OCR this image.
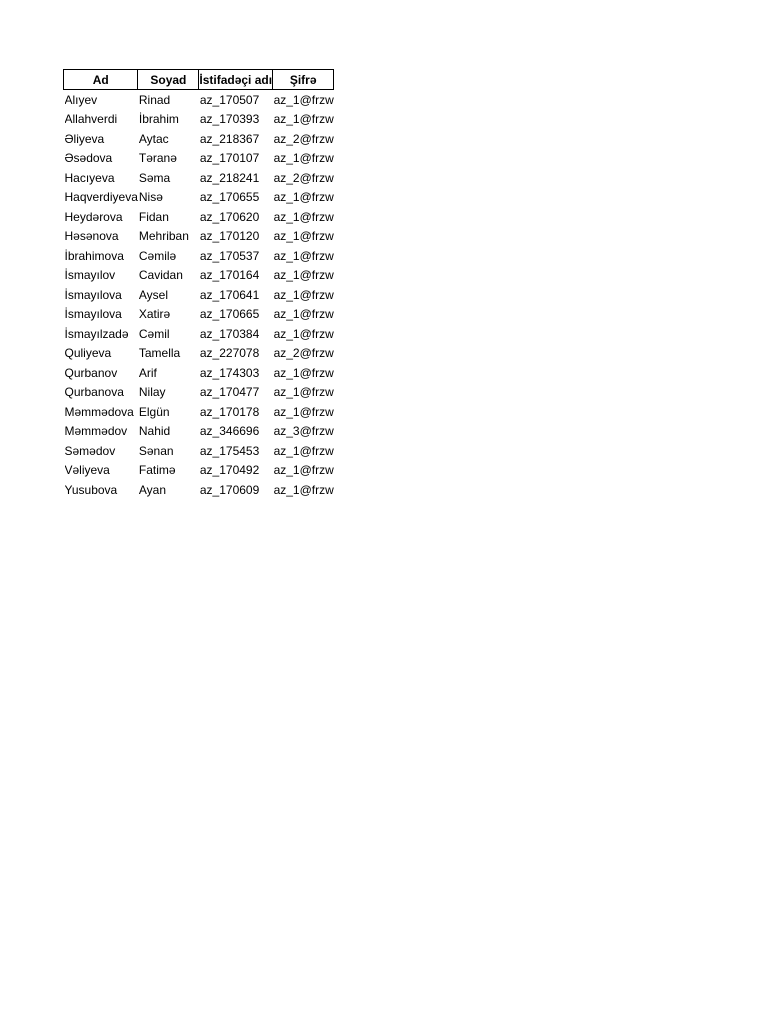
Ad	Soyad	İstifadəçi adı	Şifrə

Alıyev	Rinad	az_170507	az_1@frzw

Allahverdi	İbrahim	az_170393	az_1@frzw

Əliyeva	Aytac	az_218367	az_2@frzw

Əsədova	Təranə	az_170107	az_1@frzw

Hacıyeva	Səma	az_218241	az_2@frzw

Haqverdiyeva	Nisə	az_170655	az_1@frzw

Heydərova	Fidan	az_170620	az_1@frzw

Həsənova	Mehriban	az_170120	az_1@frzw

İbrahimova	Cəmilə	az_170537	az_1@frzw

İsmayılov	Cavidan	az_170164	az_1@frzw

İsmayılova	Aysel	az_170641	az_1@frzw

İsmayılova	Xatirə	az_170665	az_1@frzw

İsmayılzadə	Cəmil	az_170384	az_1@frzw

Quliyeva	Tamella	az_227078	az_2@frzw

Qurbanov	Arif	az_174303	az_1@frzw

Qurbanova	Nilay	az_170477	az_1@frzw

Məmmədova	Elgün	az_170178	az_1@frzw

Məmmədov	Nahid	az_346696	az_3@frzw

Səmədov	Sənan	az_175453	az_1@frzw

Vəliyeva	Fatimə	az_170492	az_1@frzw

Yusubova	Ayan	az_170609	az_1@frzw
